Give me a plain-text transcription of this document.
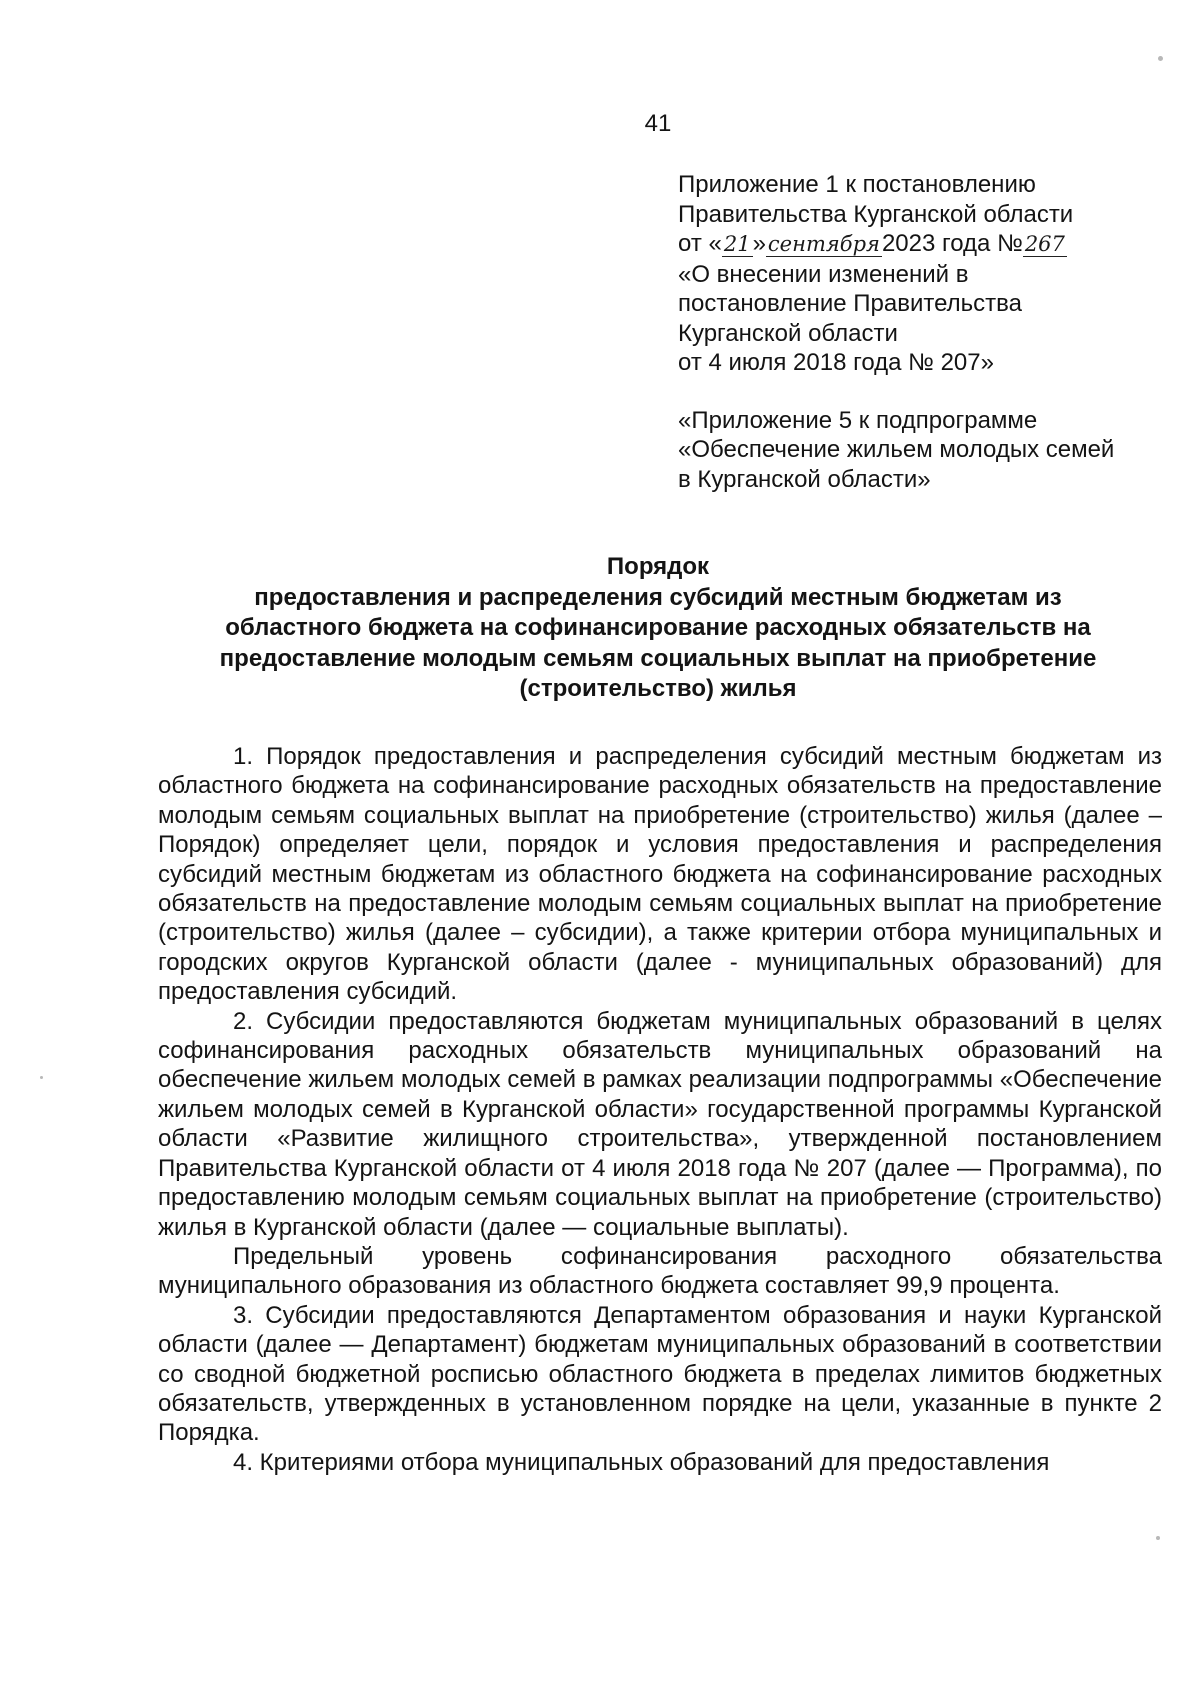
41
Приложение 1 к постановлению
Правительства Курганской области
от «21»сентября2023 года №267
«О внесении изменений в
постановление Правительства
Курганской области
от 4 июля 2018 года № 207»
«Приложение 5 к подпрограмме
«Обеспечение жильем молодых семей
в Курганской области»
Порядок
предоставления и распределения субсидий местным бюджетам из
областного бюджета на софинансирование расходных обязательств на
предоставление молодым семьям социальных выплат на приобретение
(строительство) жилья

1. Порядок предоставления и распределения субсидий местным бюджетам из областного бюджета на софинансирование расходных обязательств на предоставление молодым семьям социальных выплат на приобретение (строительство) жилья (далее – Порядок) определяет цели, порядок и условия предоставления и распределения субсидий местным бюджетам из областного бюджета на софинансирование расходных обязательств на предоставление молодым семьям социальных выплат на приобретение (строительство) жилья (далее – субсидии), а также критерии отбора муниципальных и городских округов Курганской области (далее - муниципальных образований) для предоставления субсидий.

2. Субсидии предоставляются бюджетам муниципальных образований в целях софинансирования расходных обязательств муниципальных образований на обеспечение жильем молодых семей в рамках реализации подпрограммы «Обеспечение жильем молодых семей в Курганской области» государственной программы Курганской области «Развитие жилищного строительства», утвержденной постановлением Правительства Курганской области от 4 июля 2018 года № 207 (далее — Программа), по предоставлению молодым семьям социальных выплат на приобретение (строительство) жилья в Курганской области (далее — социальные выплаты).

Предельный уровень софинансирования расходного обязательства муниципального образования из областного бюджета составляет 99,9 процента.

3. Субсидии предоставляются Департаментом образования и науки Курганской области (далее — Департамент) бюджетам муниципальных образований в соответствии со сводной бюджетной росписью областного бюджета в пределах лимитов бюджетных обязательств, утвержденных в установленном порядке на цели, указанные в пункте 2 Порядка.

4. Критериями отбора муниципальных образований для предоставления
